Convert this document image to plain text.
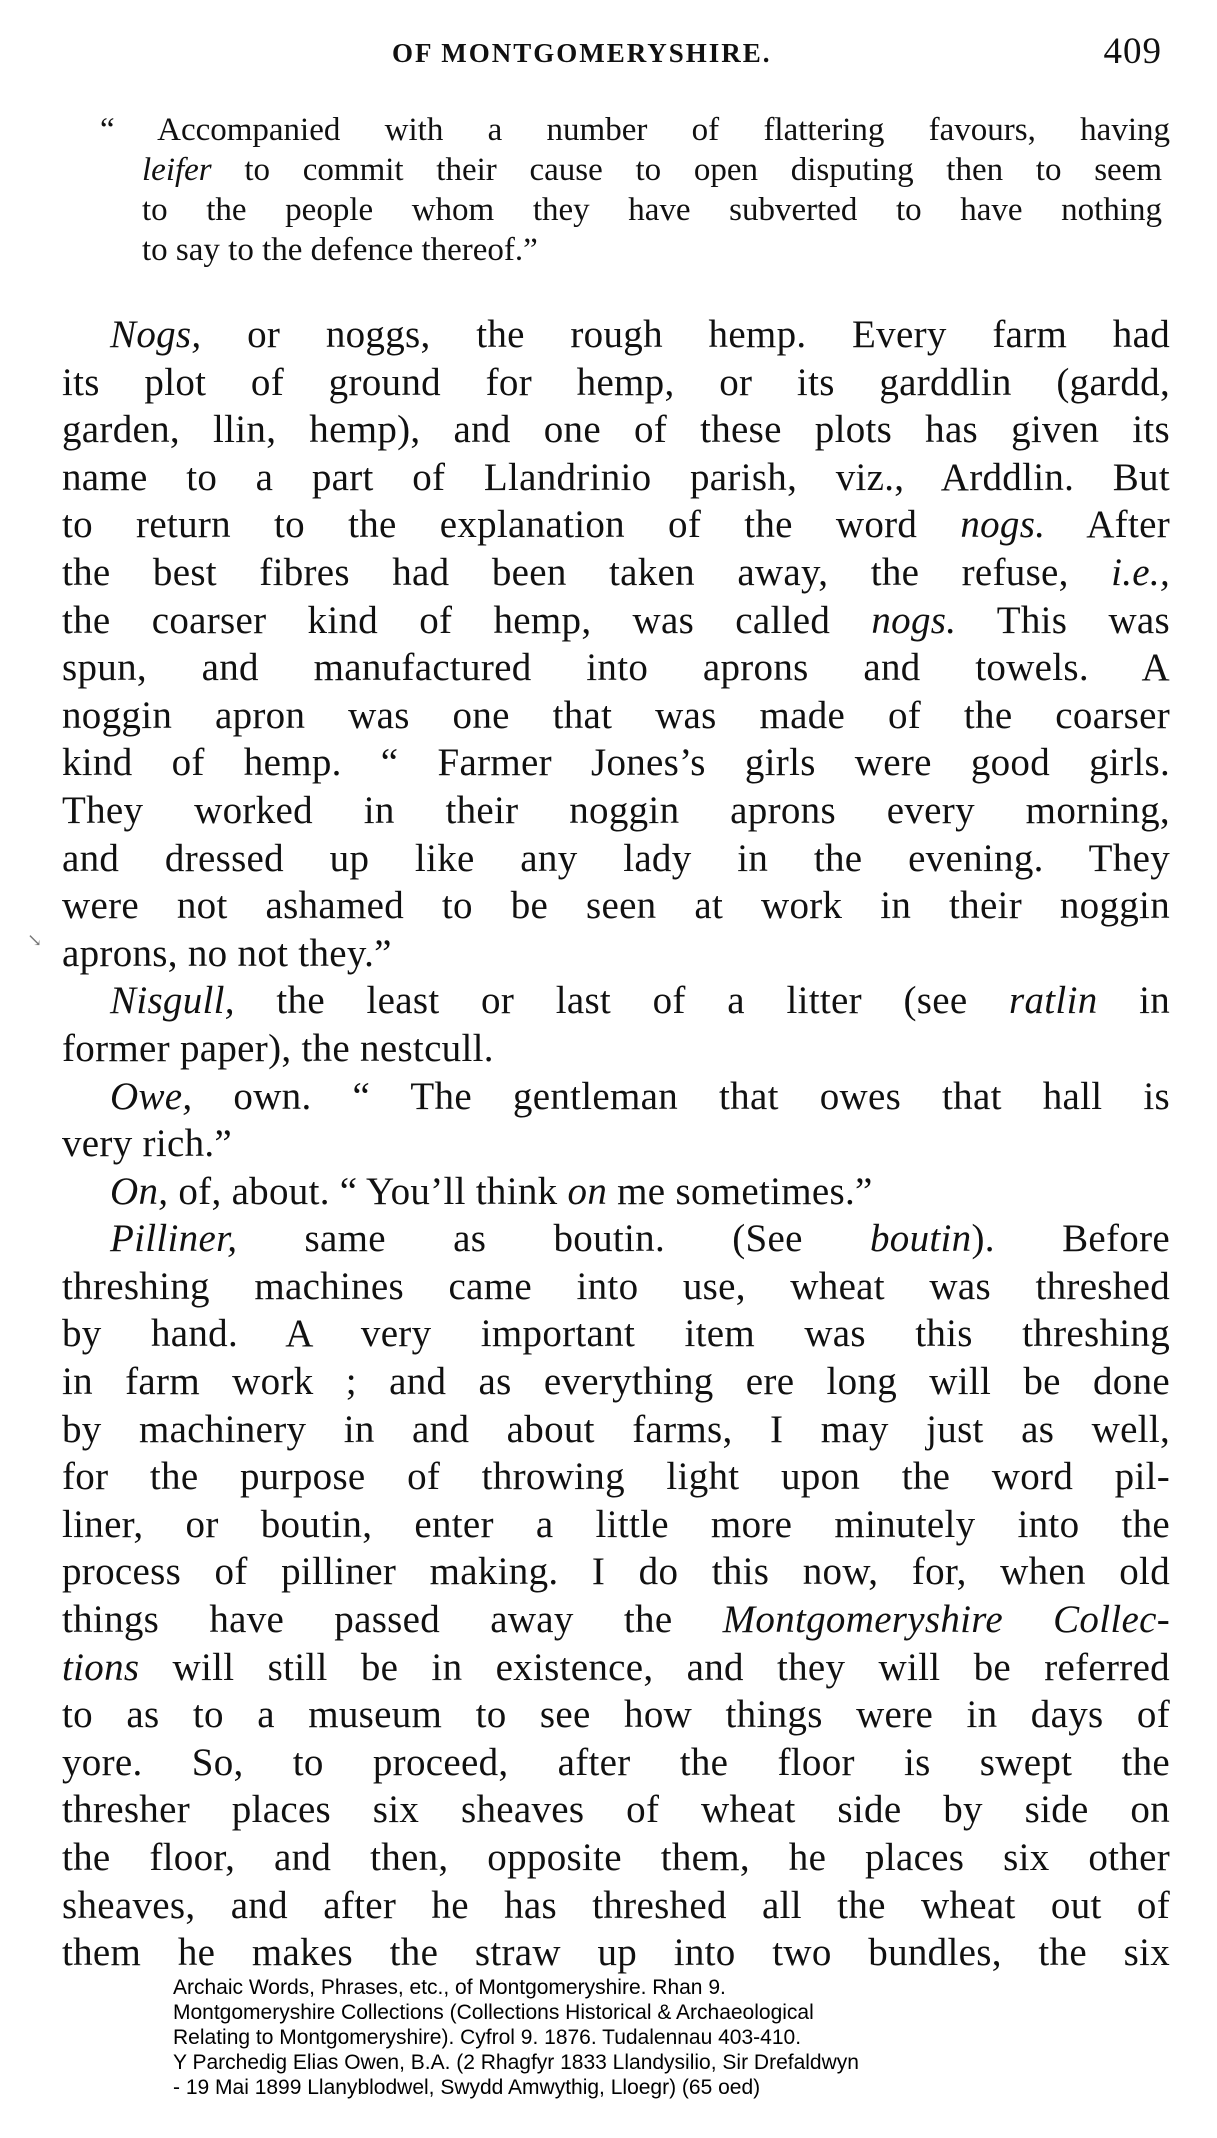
OF MONTGOMERYSHIRE.	409
“ Accompanied with a number of flattering favours, having
leifer to commit their cause to open disputing then to seem
to the people whom they have subverted to have nothing
to say to the defence thereof.”
↘
Nogs, or noggs, the rough hemp. Every farm had
its plot of ground for hemp, or its garddlin (gardd,
garden, llin, hemp), and one of these plots has given its
name to a part of Llandrinio parish, viz., Arddlin. But
to return to the explanation of the word nogs. After
the best fibres had been taken away, the refuse, i.e.,
the coarser kind of hemp, was called nogs. This was
spun, and manufactured into aprons and towels. A
noggin apron was one that was made of the coarser
kind of hemp. “ Farmer Jones’s girls were good girls.
They worked in their noggin aprons every morning,
and dressed up like any lady in the evening. They
were not ashamed to be seen at work in their noggin
aprons, no not they.”
Nisgull, the least or last of a litter (see ratlin in
former paper), the nestcull.
Owe, own. “ The gentleman that owes that hall is
very rich.”
On, of, about. “ You’ll think on me sometimes.”
Pilliner, same as boutin. (See boutin). Before
threshing machines came into use, wheat was threshed
by hand. A very important item was this threshing
in farm work ; and as everything ere long will be done
by machinery in and about farms, I may just as well,
for the purpose of throwing light upon the word pil-
liner, or boutin, enter a little more minutely into the
process of pilliner making. I do this now, for, when old
things have passed away the Montgomeryshire Collec-
tions will still be in existence, and they will be referred
to as to a museum to see how things were in days of
yore. So, to proceed, after the floor is swept the
thresher places six sheaves of wheat side by side on
the floor, and then, opposite them, he places six other
sheaves, and after he has threshed all the wheat out of
them he makes the straw up into two bundles, the six
Archaic Words, Phrases, etc., of Montgomeryshire. Rhan 9.
Montgomeryshire Collections (Collections Historical & Archaeological
Relating to Montgomeryshire). Cyfrol 9. 1876. Tudalennau 403-410.
Y Parchedig Elias Owen, B.A. (2 Rhagfyr 1833 Llandysilio, Sir Drefaldwyn
- 19 Mai 1899 Llanyblodwel, Swydd Amwythig, Lloegr) (65 oed)
